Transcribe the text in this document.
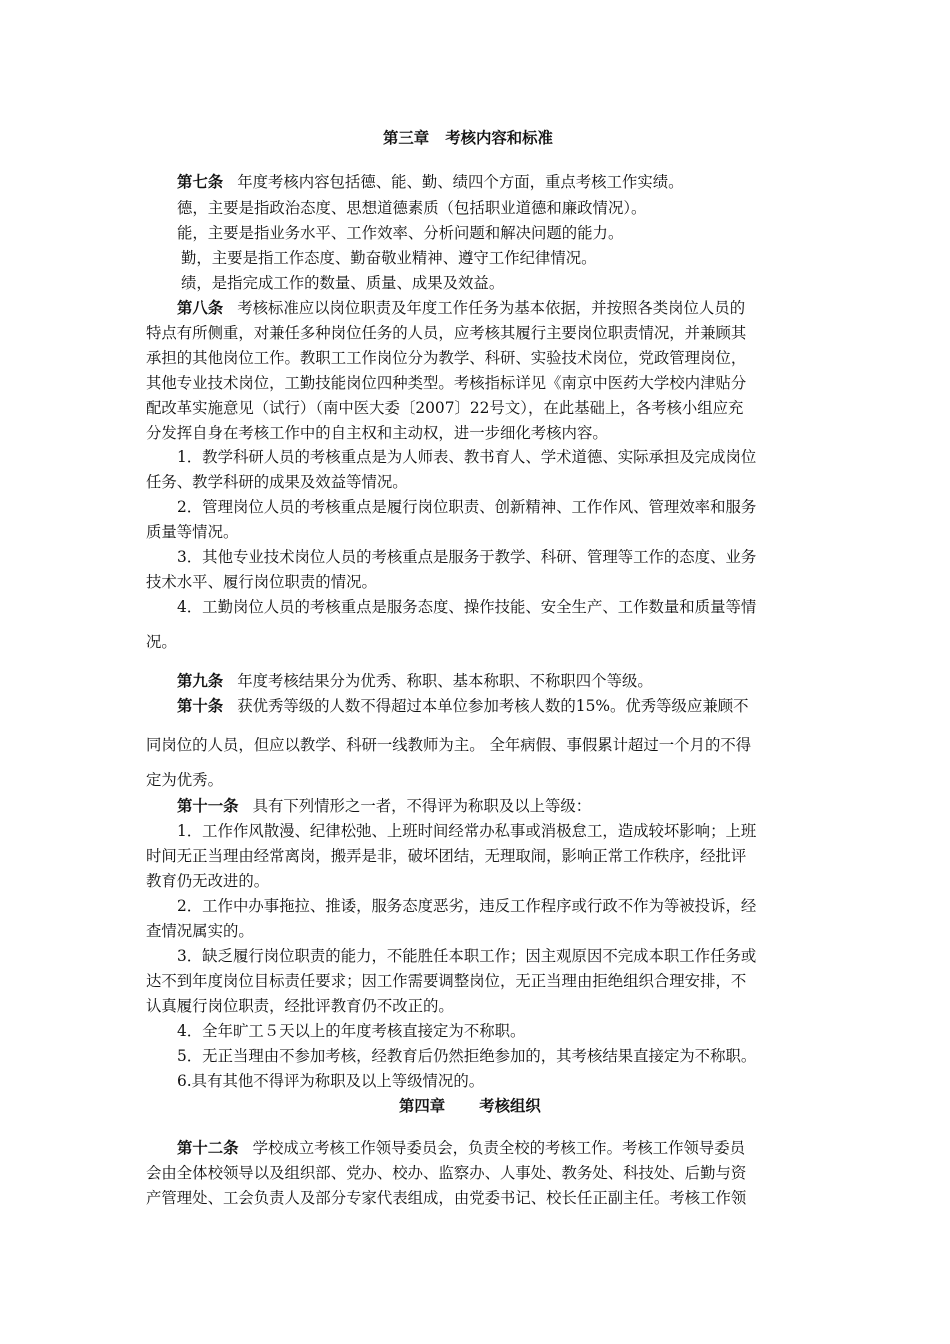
第三章 考核内容和标准
第七条 年度考核内容包括德、能、勤、绩四个方面，重点考核工作实绩。
德，主要是指政治态度、思想道德素质（包括职业道德和廉政情况）。
能，主要是指业务水平、工作效率、分析问题和解决问题的能力。
勤，主要是指工作态度、勤奋敬业精神、遵守工作纪律情况。
绩，是指完成工作的数量、质量、成果及效益。
第八条 考核标准应以岗位职责及年度工作任务为基本依据，并按照各类岗位人员的
特点有所侧重，对兼任多种岗位任务的人员，应考核其履行主要岗位职责情况，并兼顾其
承担的其他岗位工作。教职工工作岗位分为教学、科研、实验技术岗位，党政管理岗位，
其他专业技术岗位，工勤技能岗位四种类型。考核指标详见《南京中医药大学校内津贴分
配改革实施意见（试行）（南中医大委〔2007〕22号文），在此基础上，各考核小组应充
分发挥自身在考核工作中的自主权和主动权，进一步细化考核内容。
1．教学科研人员的考核重点是为人师表、教书育人、学术道德、实际承担及完成岗位
任务、教学科研的成果及效益等情况。
2．管理岗位人员的考核重点是履行岗位职责、创新精神、工作作风、管理效率和服务
质量等情况。
3．其他专业技术岗位人员的考核重点是服务于教学、科研、管理等工作的态度、业务
技术水平、履行岗位职责的情况。
4．工勤岗位人员的考核重点是服务态度、操作技能、安全生产、工作数量和质量等情
况。
第九条 年度考核结果分为优秀、称职、基本称职、不称职四个等级。
第十条 获优秀等级的人数不得超过本单位参加考核人数的15%。优秀等级应兼顾不
同岗位的人员，但应以教学、科研一线教师为主。 全年病假、事假累计超过一个月的不得
定为优秀。
第十一条 具有下列情形之一者，不得评为称职及以上等级：
1．工作作风散漫、纪律松弛、上班时间经常办私事或消极怠工，造成较坏影响；上班
时间无正当理由经常离岗，搬弄是非，破坏团结，无理取闹，影响正常工作秩序，经批评
教育仍无改进的。
2．工作中办事拖拉、推诿，服务态度恶劣，违反工作程序或行政不作为等被投诉，经
查情况属实的。
3．缺乏履行岗位职责的能力，不能胜任本职工作；因主观原因不完成本职工作任务或
达不到年度岗位目标责任要求；因工作需要调整岗位，无正当理由拒绝组织合理安排，不
认真履行岗位职责，经批评教育仍不改正的。
4．全年旷工５天以上的年度考核直接定为不称职。
5．无正当理由不参加考核，经教育后仍然拒绝参加的，其考核结果直接定为不称职。
6.具有其他不得评为称职及以上等级情况的。
第四章 考核组织
第十二条 学校成立考核工作领导委员会，负责全校的考核工作。考核工作领导委员
会由全体校领导以及组织部、党办、校办、监察办、人事处、教务处、科技处、后勤与资
产管理处、工会负责人及部分专家代表组成，由党委书记、校长任正副主任。考核工作领
